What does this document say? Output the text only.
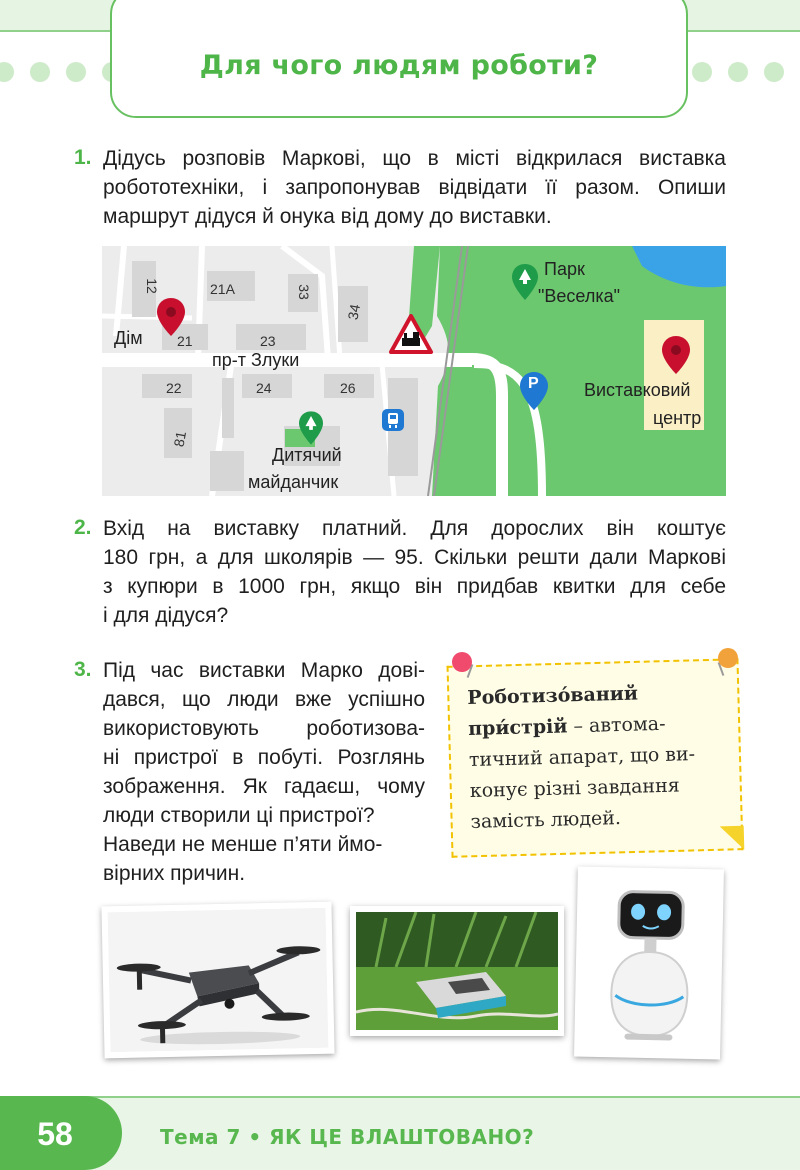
Для чого людям роботи?
1. Дідусь розповів Маркові, що в місті відкрилася виставка
робототехніки, і запропонував відвідати її разом. Опиши
маршрут дідуся й онука від дому до виставки.
P
Дім
пр-т Злуки
Парк
"Веселка"
Виставковий
центр
Дитячий
майданчик
12	21А	33
34
21	23
22	24	26
81
2. Вхід на виставку платний. Для дорослих він коштує
180 грн, а для школярів — 95. Скільки решти дали Маркові
з купюри в 1000 грн, якщо він придбав квитки для себе
і для дідуся?
3. Під час виставки Марко дові-
дався, що люди вже успішно
використовують роботизова-
ні пристрої в побуті. Розглянь
зображення. Як гадаєш, чому
люди створили ці пристрої?
Наведи не менше п’яти ймо-
вірних причин.
Роботизо́ваний
при́стрій – автома-
тичний апарат, що ви-
конує різні завдання
замість людей.
58	Тема 7 • ЯК ЦЕ ВЛАШТОВАНО?
